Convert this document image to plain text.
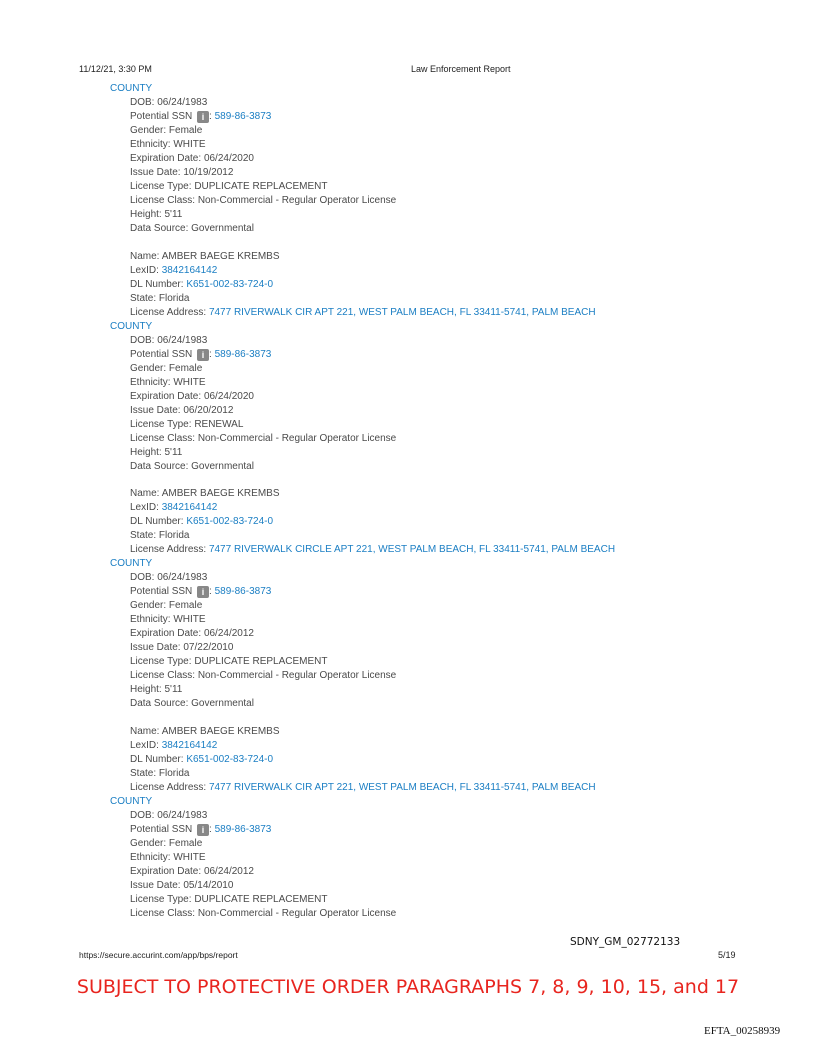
11/12/21, 3:30 PM	Law Enforcement Report
COUNTY
DOB: 06/24/1983
Potential SSN i : 589-86-3873
Gender: Female
Ethnicity: WHITE
Expiration Date: 06/24/2020
Issue Date: 10/19/2012
License Type: DUPLICATE REPLACEMENT
License Class: Non-Commercial - Regular Operator License
Height: 5'11
Data Source: Governmental
Name: AMBER BAEGE KREMBS
LexID: 3842164142
DL Number: K651-002-83-724-0
State: Florida
License Address: 7477 RIVERWALK CIR APT 221, WEST PALM BEACH, FL 33411-5741, PALM BEACH
COUNTY
DOB: 06/24/1983
Potential SSN i : 589-86-3873
Gender: Female
Ethnicity: WHITE
Expiration Date: 06/24/2020
Issue Date: 06/20/2012
License Type: RENEWAL
License Class: Non-Commercial - Regular Operator License
Height: 5'11
Data Source: Governmental
Name: AMBER BAEGE KREMBS
LexID: 3842164142
DL Number: K651-002-83-724-0
State: Florida
License Address: 7477 RIVERWALK CIRCLE APT 221, WEST PALM BEACH, FL 33411-5741, PALM BEACH
COUNTY
DOB: 06/24/1983
Potential SSN i : 589-86-3873
Gender: Female
Ethnicity: WHITE
Expiration Date: 06/24/2012
Issue Date: 07/22/2010
License Type: DUPLICATE REPLACEMENT
License Class: Non-Commercial - Regular Operator License
Height: 5'11
Data Source: Governmental
Name: AMBER BAEGE KREMBS
LexID: 3842164142
DL Number: K651-002-83-724-0
State: Florida
License Address: 7477 RIVERWALK CIR APT 221, WEST PALM BEACH, FL 33411-5741, PALM BEACH
COUNTY
DOB: 06/24/1983
Potential SSN i : 589-86-3873
Gender: Female
Ethnicity: WHITE
Expiration Date: 06/24/2012
Issue Date: 05/14/2010
License Type: DUPLICATE REPLACEMENT
License Class: Non-Commercial - Regular Operator License
SDNY_GM_02772133
https://secure.accurint.com/app/bps/report	5/19
SUBJECT TO PROTECTIVE ORDER PARAGRAPHS 7, 8, 9, 10, 15, and 17
EFTA_00258939
